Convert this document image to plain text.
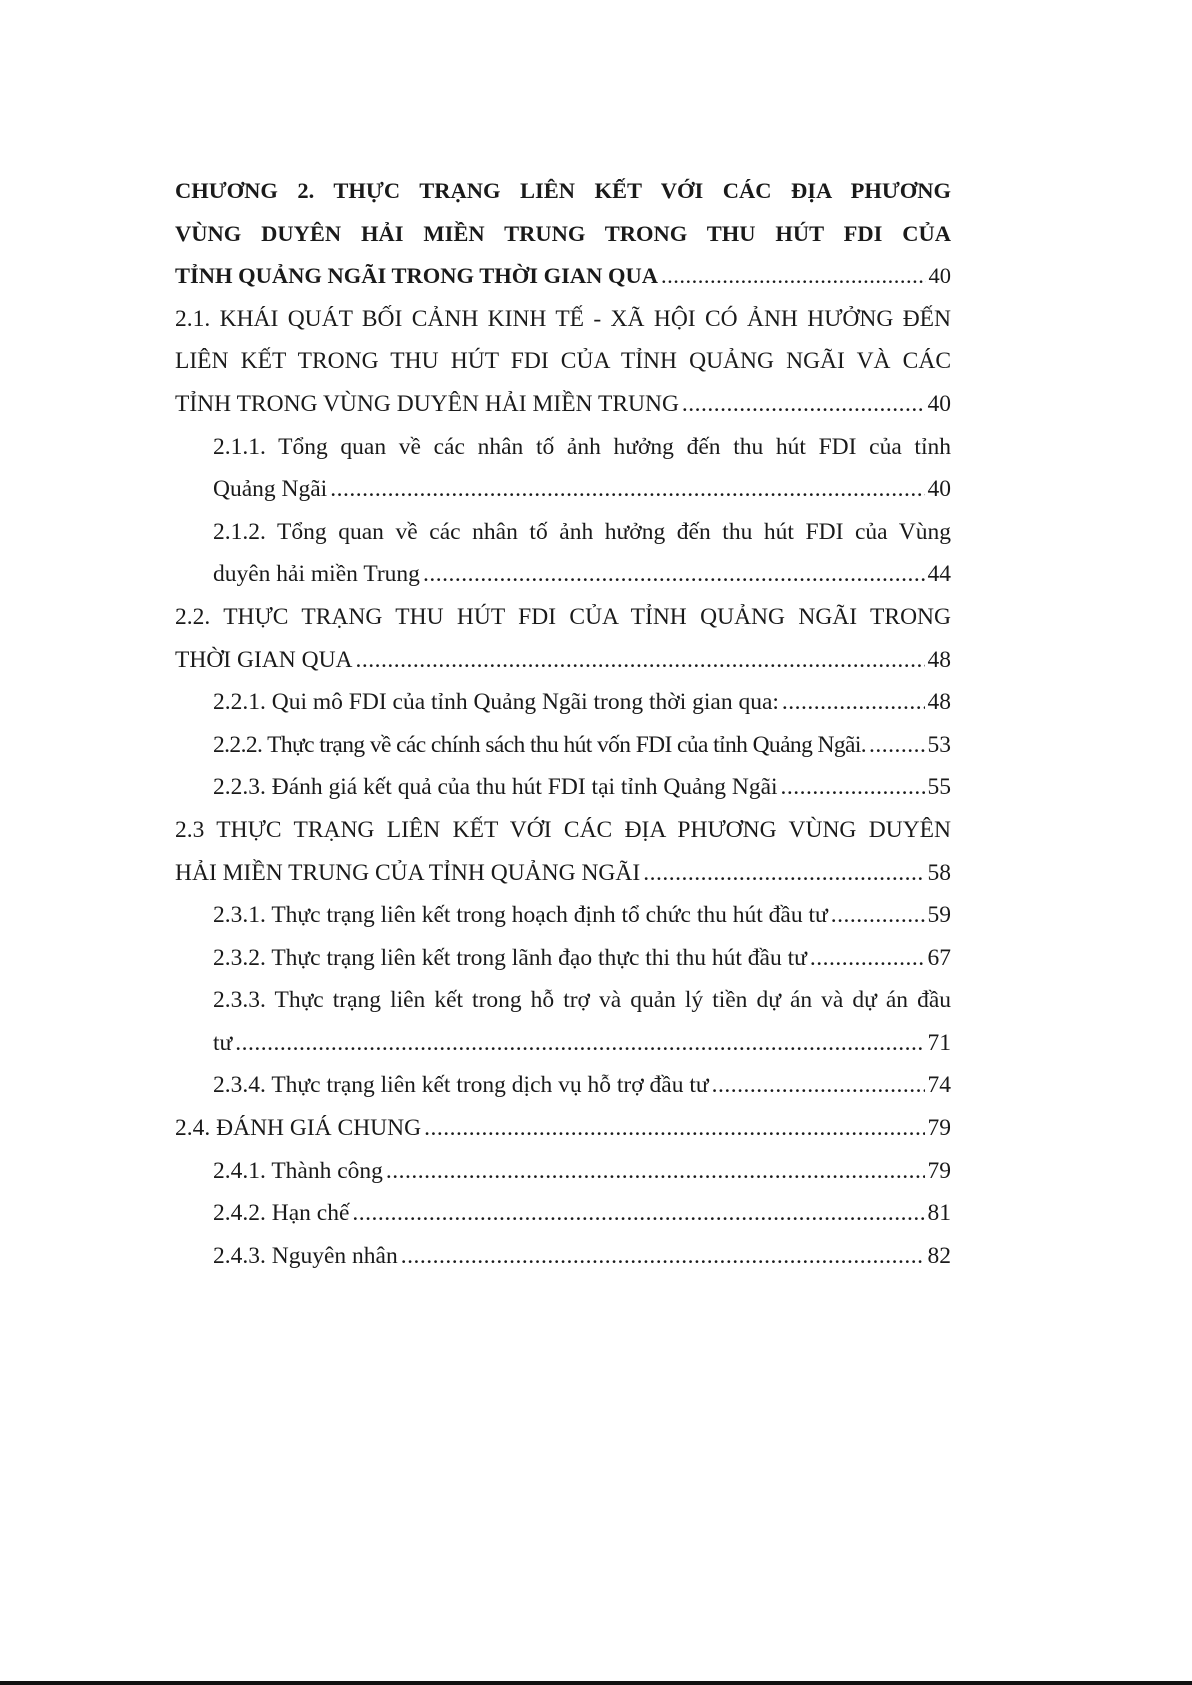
CHƯƠNG 2. THỰC TRẠNG LIÊN KẾT VỚI CÁC ĐỊA PHƯƠNG
VÙNG DUYÊN HẢI MIỀN TRUNG TRONG THU HÚT FDI CỦA
TỈNH QUẢNG NGÃI TRONG THỜI GIAN QUA .....	40
2.1. KHÁI QUÁT BỐI CẢNH KINH TẾ - XÃ HỘI CÓ ẢNH HƯỞNG ĐẾN
LIÊN KẾT TRONG THU HÚT FDI CỦA TỈNH QUẢNG NGÃI VÀ CÁC
TỈNH TRONG VÙNG DUYÊN HẢI MIỀN TRUNG .....	40
2.1.1. Tổng quan về các nhân tố ảnh hưởng đến thu hút FDI của tỉnh
Quảng Ngãi .....	40
2.1.2. Tổng quan về các nhân tố ảnh hưởng đến thu hút FDI của Vùng
duyên hải miền Trung .....	44
2.2. THỰC TRẠNG THU HÚT FDI CỦA TỈNH QUẢNG NGÃI TRONG
THỜI GIAN QUA .....	48
2.2.1. Qui mô FDI của tỉnh Quảng Ngãi trong thời gian qua: .....	48
2.2.2. Thực trạng về các chính sách thu hút vốn FDI của tỉnh Quảng Ngãi. .....	53
2.2.3. Đánh giá kết quả của thu hút FDI tại tỉnh Quảng Ngãi .....	55
2.3 THỰC TRẠNG LIÊN KẾT VỚI CÁC ĐỊA PHƯƠNG VÙNG DUYÊN
HẢI MIỀN TRUNG CỦA TỈNH QUẢNG NGÃI .....	58
2.3.1. Thực trạng liên kết trong hoạch định tổ chức thu hút đầu tư .....	59
2.3.2. Thực trạng liên kết trong lãnh đạo thực thi thu hút đầu tư .....	67
2.3.3. Thực trạng liên kết trong hỗ trợ và quản lý tiền dự án và dự án đầu
tư .....	71
2.3.4. Thực trạng liên kết trong dịch vụ hỗ trợ đầu tư .....	74
2.4. ĐÁNH GIÁ CHUNG .....	79
2.4.1. Thành công .....	79
2.4.2. Hạn chế .....	81
2.4.3. Nguyên nhân .....	82
